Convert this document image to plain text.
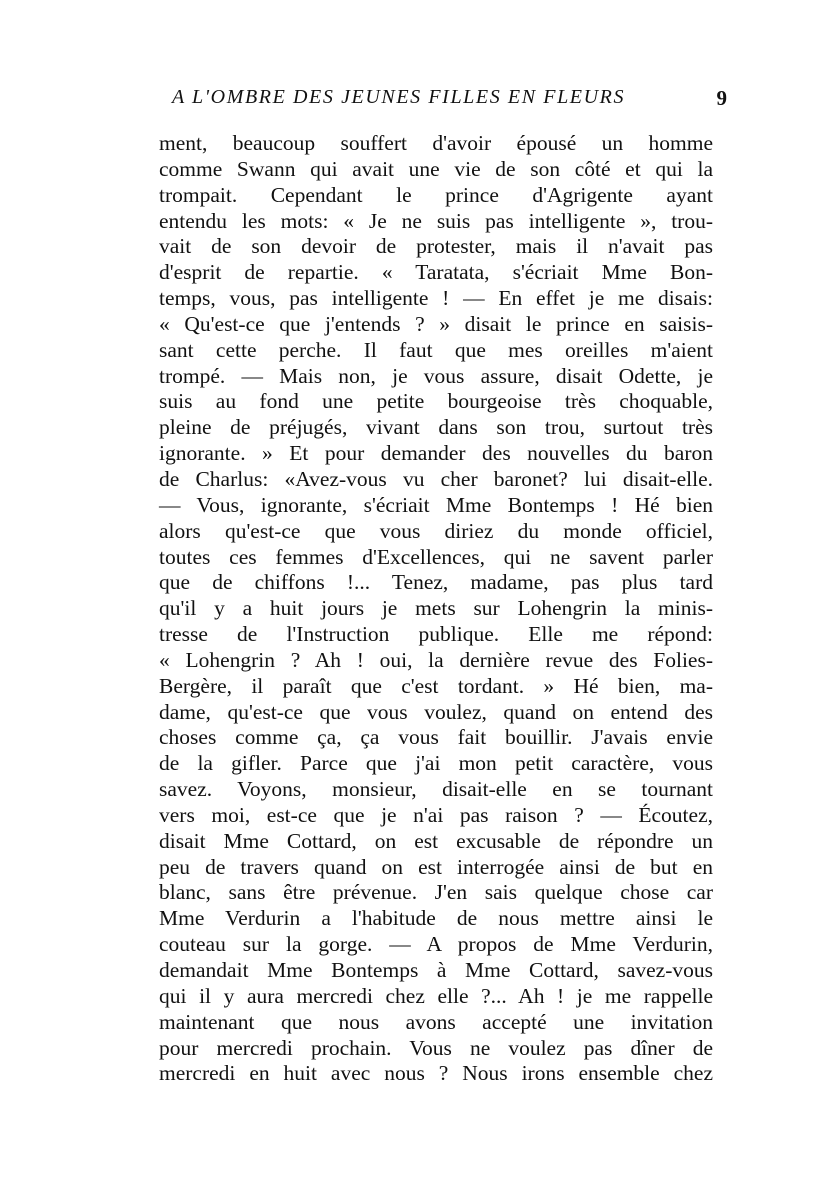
A L'OMBRE DES JEUNES FILLES EN FLEURS	9
ment, beaucoup souffert d'avoir épousé un homme
comme Swann qui avait une vie de son côté et qui la
trompait. Cependant le prince d'Agrigente ayant
entendu les mots: « Je ne suis pas intelligente », trou-
vait de son devoir de protester, mais il n'avait pas
d'esprit de repartie. « Taratata, s'écriait Mme Bon-
temps, vous, pas intelligente ! — En effet je me disais:
« Qu'est-ce que j'entends ? » disait le prince en saisis-
sant cette perche. Il faut que mes oreilles m'aient
trompé. — Mais non, je vous assure, disait Odette, je
suis au fond une petite bourgeoise très choquable,
pleine de préjugés, vivant dans son trou, surtout très
ignorante. » Et pour demander des nouvelles du baron
de Charlus: «Avez-vous vu cher baronet? lui disait-elle.
— Vous, ignorante, s'écriait Mme Bontemps ! Hé bien
alors qu'est-ce que vous diriez du monde officiel,
toutes ces femmes d'Excellences, qui ne savent parler
que de chiffons !... Tenez, madame, pas plus tard
qu'il y a huit jours je mets sur Lohengrin la minis-
tresse de l'Instruction publique. Elle me répond:
« Lohengrin ? Ah ! oui, la dernière revue des Folies-
Bergère, il paraît que c'est tordant. » Hé bien, ma-
dame, qu'est-ce que vous voulez, quand on entend des
choses comme ça, ça vous fait bouillir. J'avais envie
de la gifler. Parce que j'ai mon petit caractère, vous
savez. Voyons, monsieur, disait-elle en se tournant
vers moi, est-ce que je n'ai pas raison ? — Écoutez,
disait Mme Cottard, on est excusable de répondre un
peu de travers quand on est interrogée ainsi de but en
blanc, sans être prévenue. J'en sais quelque chose car
Mme Verdurin a l'habitude de nous mettre ainsi le
couteau sur la gorge. — A propos de Mme Verdurin,
demandait Mme Bontemps à Mme Cottard, savez-vous
qui il y aura mercredi chez elle ?... Ah ! je me rappelle
maintenant que nous avons accepté une invitation
pour mercredi prochain. Vous ne voulez pas dîner de
mercredi en huit avec nous ? Nous irons ensemble chez
